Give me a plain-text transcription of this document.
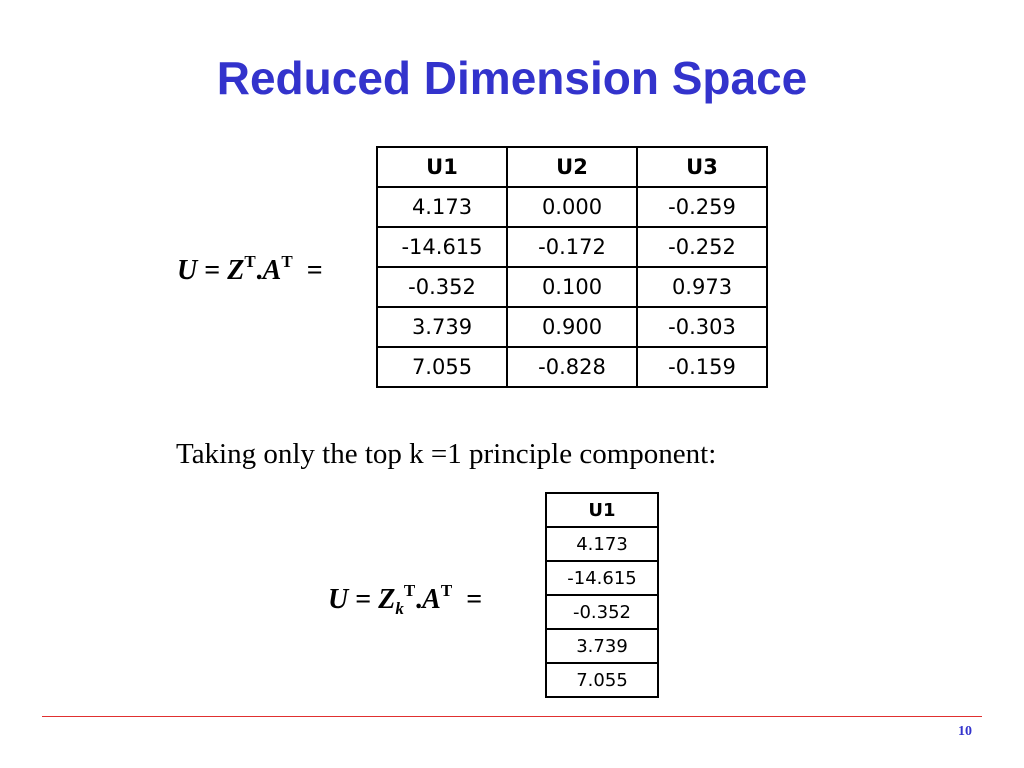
Reduced Dimension Space
$U = Z^T.A^T$  =
U1	U2	U3
4.173	0.000	-0.259
-14.615	-0.172	-0.252
-0.352	0.100	0.973
3.739	0.900	-0.303
7.055	-0.828	-0.159
Taking only the top k =1 principle component:
$U = Z_k^T.A^T$  =
U1
4.173
-14.615
-0.352
3.739
7.055
10
